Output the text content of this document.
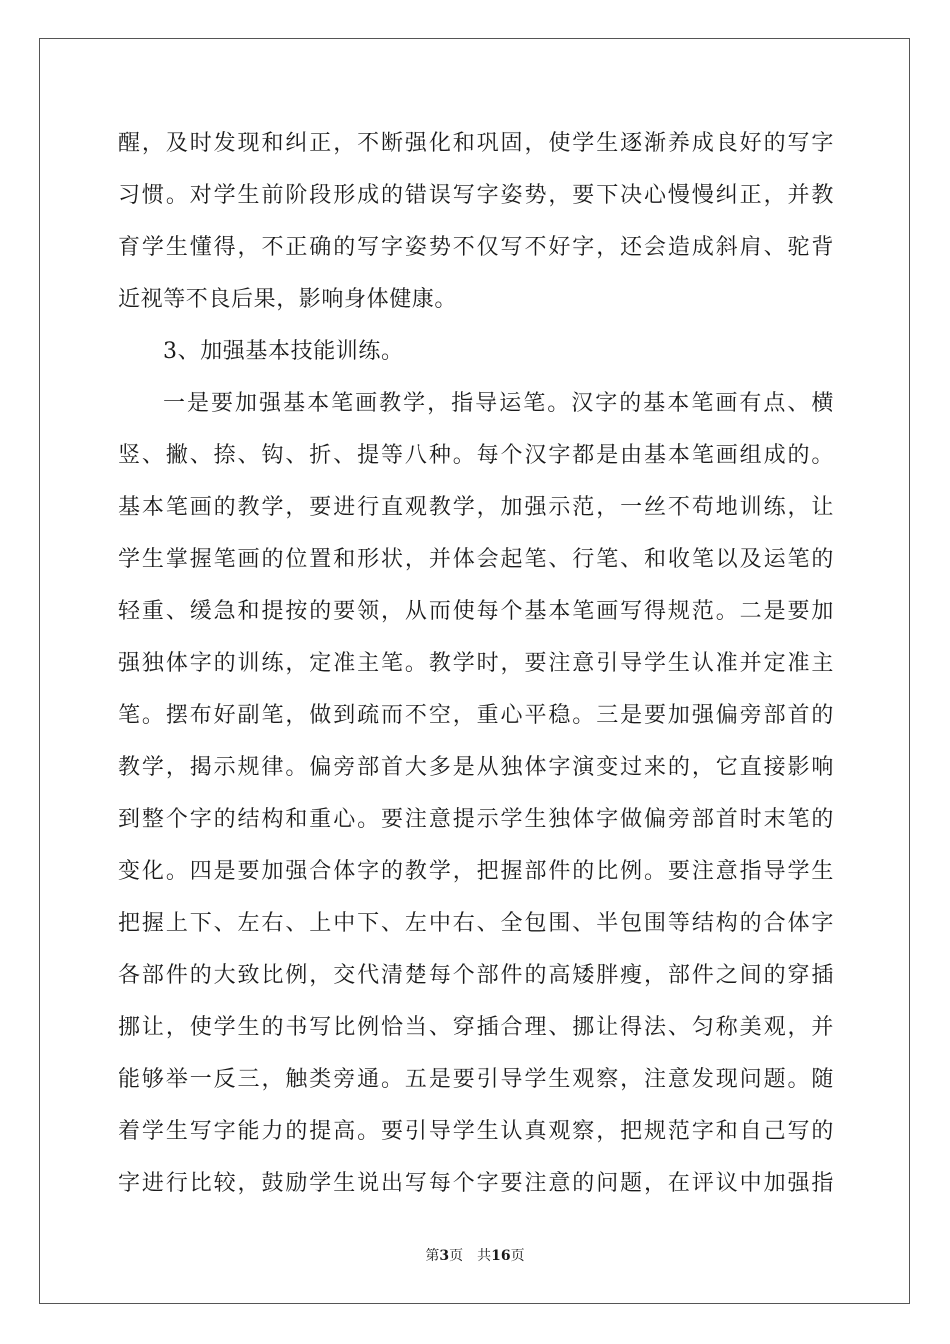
醒，及时发现和纠正，不断强化和巩固，使学生逐渐养成良好的写字
习惯。对学生前阶段形成的错误写字姿势，要下决心慢慢纠正，并教
育学生懂得，不正确的写字姿势不仅写不好字，还会造成斜肩、驼背
近视等不良后果，影响身体健康。
3、加强基本技能训练。
一是要加强基本笔画教学，指导运笔。汉字的基本笔画有点、横
竖、撇、捺、钩、折、提等八种。每个汉字都是由基本笔画组成的。
基本笔画的教学，要进行直观教学，加强示范，一丝不苟地训练，让
学生掌握笔画的位置和形状，并体会起笔、行笔、和收笔以及运笔的
轻重、缓急和提按的要领，从而使每个基本笔画写得规范。二是要加
强独体字的训练，定准主笔。教学时，要注意引导学生认准并定准主
笔。摆布好副笔，做到疏而不空，重心平稳。三是要加强偏旁部首的
教学，揭示规律。偏旁部首大多是从独体字演变过来的，它直接影响
到整个字的结构和重心。要注意提示学生独体字做偏旁部首时末笔的
变化。四是要加强合体字的教学，把握部件的比例。要注意指导学生
把握上下、左右、上中下、左中右、全包围、半包围等结构的合体字
各部件的大致比例，交代清楚每个部件的高矮胖瘦，部件之间的穿插
挪让，使学生的书写比例恰当、穿插合理、挪让得法、匀称美观，并
能够举一反三，触类旁通。五是要引导学生观察，注意发现问题。随
着学生写字能力的提高。要引导学生认真观察，把规范字和自己写的
字进行比较，鼓励学生说出写每个字要注意的问题，在评议中加强指
第3页 共16页
